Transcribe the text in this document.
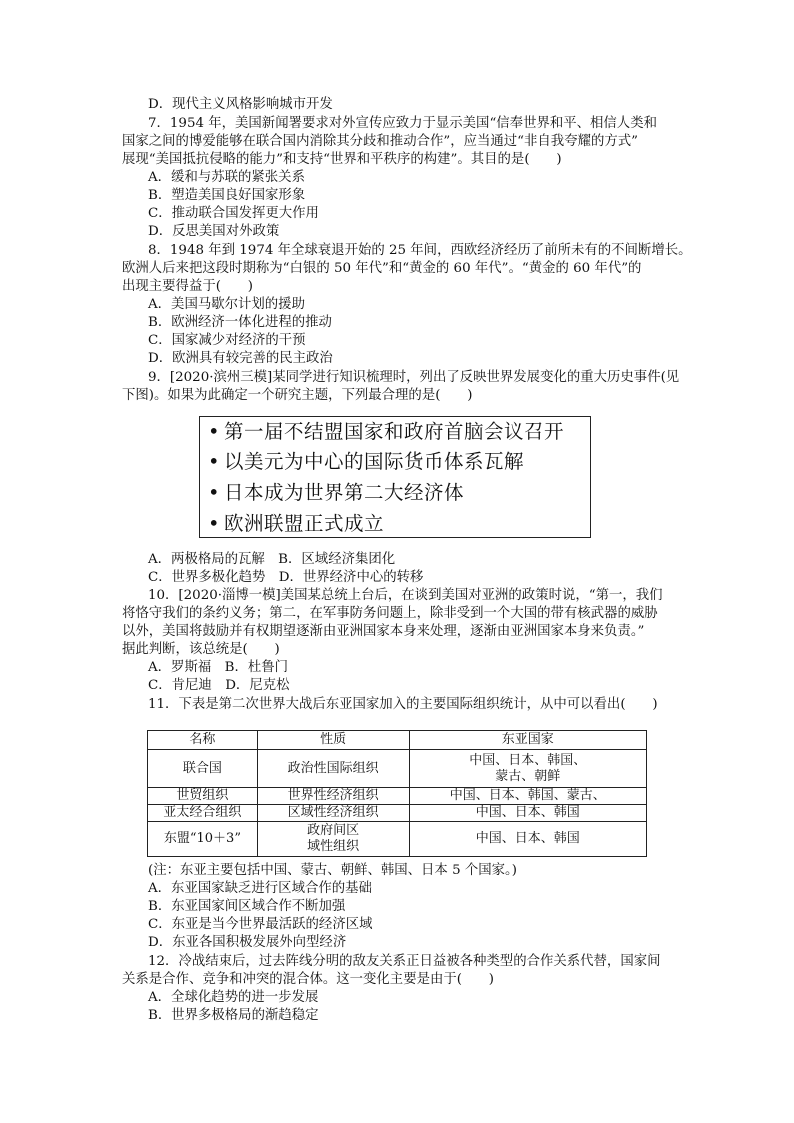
D．现代主义风格影响城市开发
7．1954 年，美国新闻署要求对外宣传应致力于显示美国“信奉世界和平、相信人类和
国家之间的博爱能够在联合国内消除其分歧和推动合作”，应当通过“非自我夸耀的方式”
展现“美国抵抗侵略的能力”和支持“世界和平秩序的构建”。其目的是(　　)
A．缓和与苏联的紧张关系
B．塑造美国良好国家形象
C．推动联合国发挥更大作用
D．反思美国对外政策
8．1948 年到 1974 年全球衰退开始的 25 年间，西欧经济经历了前所未有的不间断增长。
欧洲人后来把这段时期称为“白银的 50 年代”和“黄金的 60 年代”。“黄金的 60 年代”的
出现主要得益于(　　)
A．美国马歇尔计划的援助
B．欧洲经济一体化进程的推动
C．国家减少对经济的干预
D．欧洲具有较完善的民主政治
9．[2020·滨州三模]某同学进行知识梳理时，列出了反映世界发展变化的重大历史事件(见
下图)。如果为此确定一个研究主题，下列最合理的是(　　)
• 第一届不结盟国家和政府首脑会议召开
• 以美元为中心的国际货币体系瓦解
• 日本成为世界第二大经济体
• 欧洲联盟正式成立
A．两极格局的瓦解　B．区域经济集团化
C．世界多极化趋势　D．世界经济中心的转移
10．[2020·淄博一模]美国某总统上台后，在谈到美国对亚洲的政策时说，“第一，我们
将恪守我们的条约义务；第二，在军事防务问题上，除非受到一个大国的带有核武器的威胁
以外，美国将鼓励并有权期望逐渐由亚洲国家本身来处理，逐渐由亚洲国家本身来负责。”
据此判断，该总统是(　　)
A．罗斯福　B．杜鲁门
C．肯尼迪　D．尼克松
11．下表是第二次世界大战后东亚国家加入的主要国际组织统计，从中可以看出(　　)
名称	性质	东亚国家
联合国	政治性国际组织	中国、日本、韩国、
蒙古、朝鲜
世贸组织	世界性经济组织	中国、日本、韩国、蒙古、
亚太经合组织	区域性经济组织	中国、日本、韩国
东盟“10＋3”	政府间区
域性组织	中国、日本、韩国
(注：东亚主要包括中国、蒙古、朝鲜、韩国、日本 5 个国家。)
A．东亚国家缺乏进行区域合作的基础
B．东亚国家间区域合作不断加强
C．东亚是当今世界最活跃的经济区域
D．东亚各国积极发展外向型经济
12．冷战结束后，过去阵线分明的敌友关系正日益被各种类型的合作关系代替，国家间
关系是合作、竞争和冲突的混合体。这一变化主要是由于(　　)
A．全球化趋势的进一步发展
B．世界多极格局的渐趋稳定
